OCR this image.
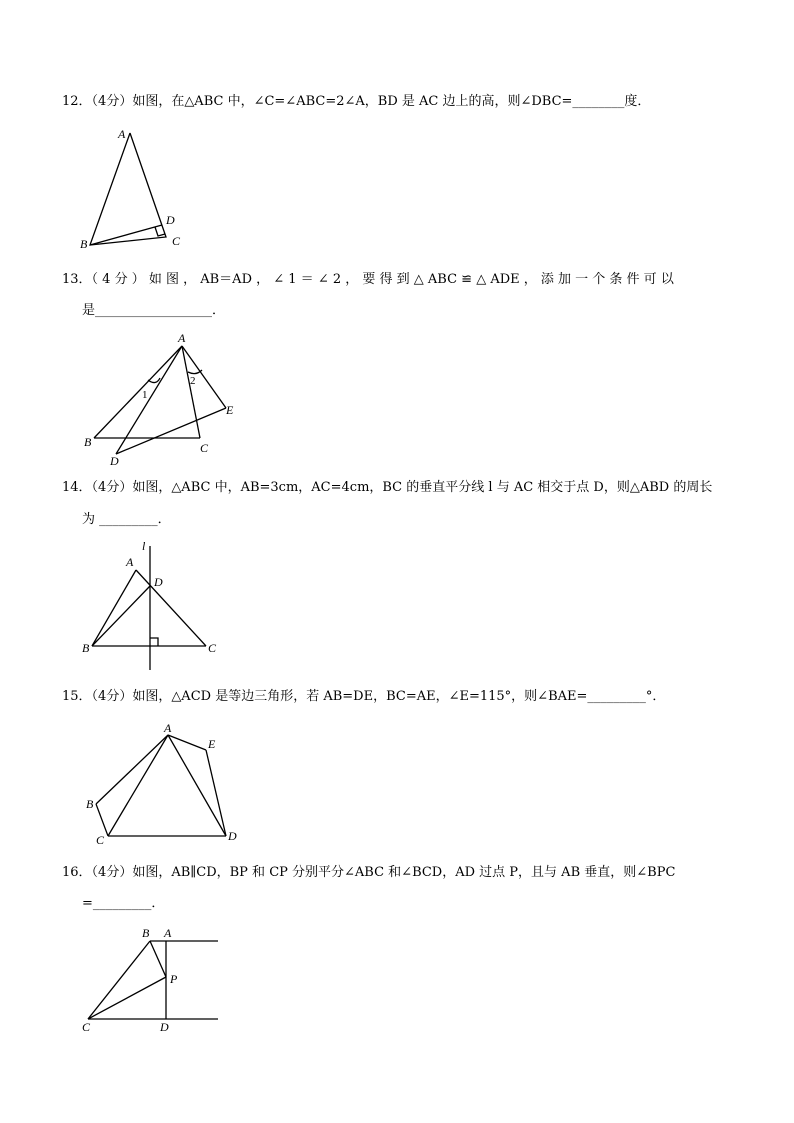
12．（4分）如图，在△ABC 中，∠C=∠ABC=2∠A，BD 是 AC 边上的高，则∠DBC=________度．
A
D
B	C
13．（ 4 分 ） 如 图 ， AB＝AD ， ∠ 1 ＝ ∠ 2 ， 要 得 到 △ ABC ≌ △ ADE ， 添 加 一 个 条 件 可 以
是__________________．
A
1
2
E
B	C
D
14．（4分）如图，△ABC 中，AB=3cm，AC=4cm，BC 的垂直平分线 l 与 AC 相交于点 D，则△ABD 的周长
为 _________．
l
A
D
B	C
15．（4分）如图，△ACD 是等边三角形，若 AB=DE，BC=AE，∠E=115°，则∠BAE=_________°．
A
E
B
C	D
16．（4分）如图，AB∥CD，BP 和 CP 分别平分∠ABC 和∠BCD，AD 过点 P，且与 AB 垂直，则∠BPC
=_________．
B A
P
C	D
